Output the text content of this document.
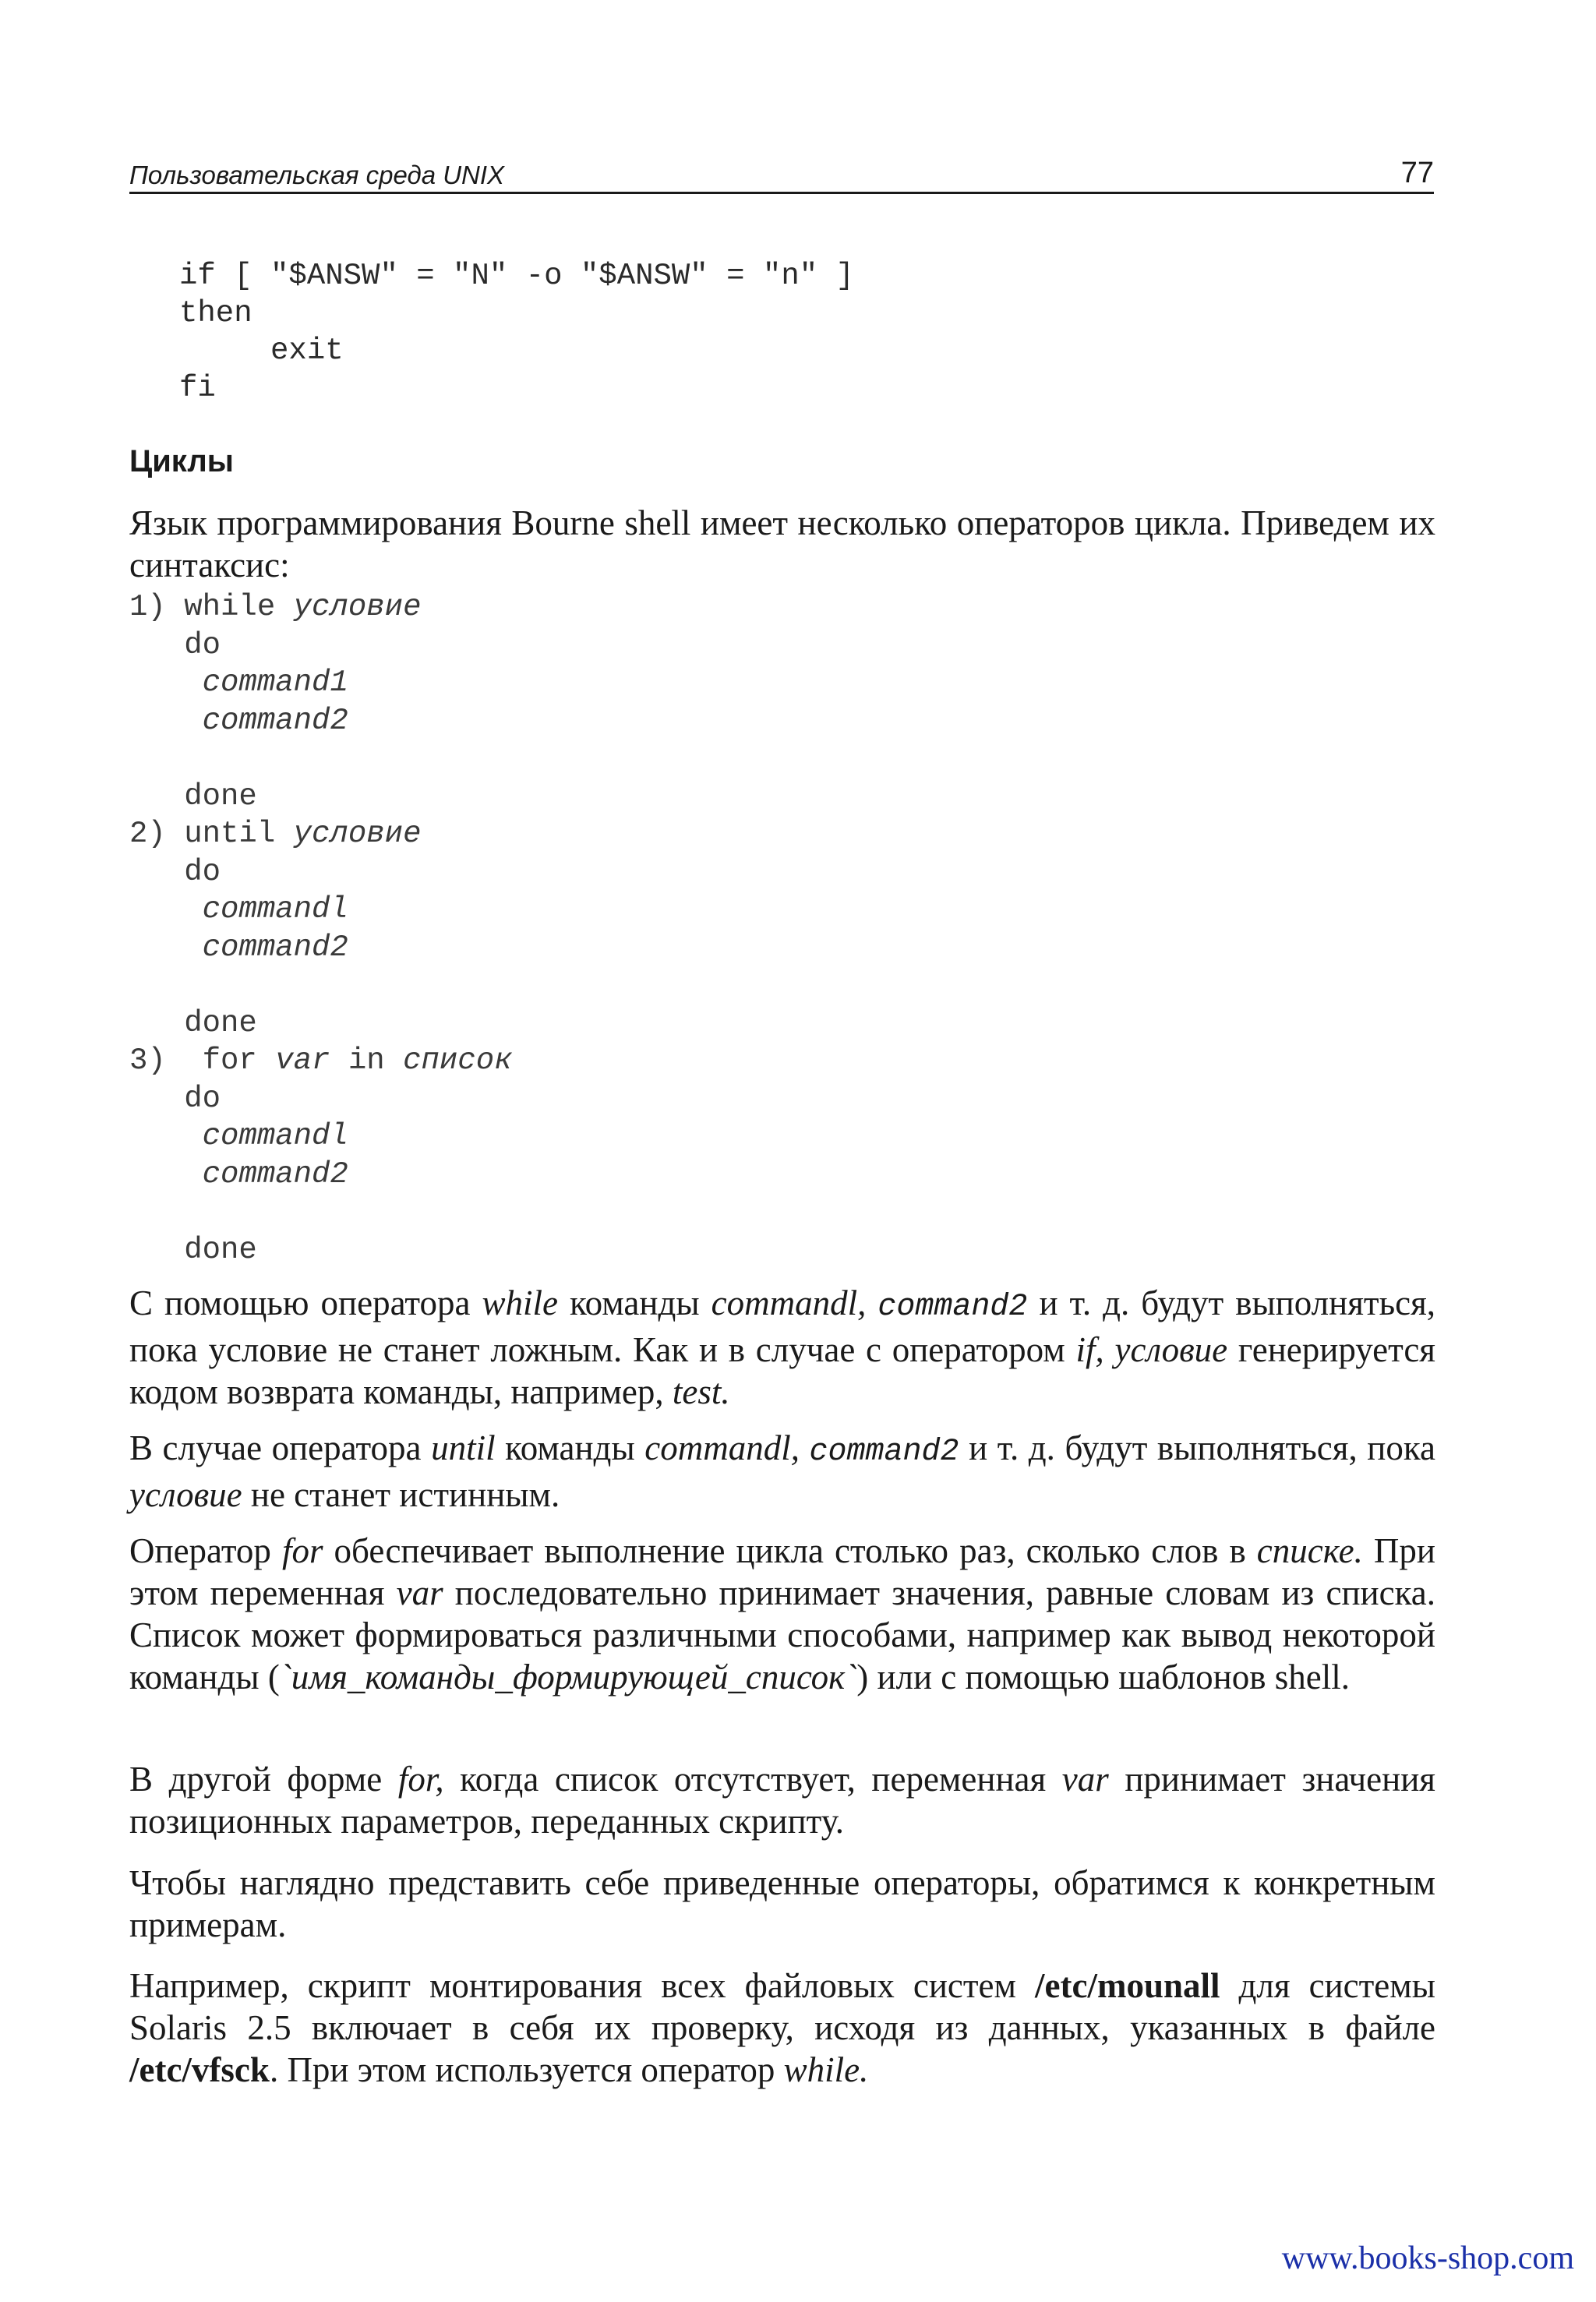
Пользовательская среда UNIX	77
if [ "$ANSW" = "N" -o "$ANSW" = "n" ]
then
exit
fi
Циклы

Язык программирования Bourne shell имеет несколько операторов цикла. Приведем их синтаксис:

1) while условие
do
command1
command2

done
2) until условие
do
commandl
command2

done
3) for var in список
do
commandl
command2

done

С помощью оператора while команды commandl, command2 и т. д. будут выполняться, пока условие не станет ложным. Как и в случае с оператором if, условие генерируется кодом возврата команды, например, test.

В случае оператора until команды commandl, command2 и т. д. будут выполняться, пока условие не станет истинным.

Оператор for обеспечивает выполнение цикла столько раз, сколько слов в списке. При этом переменная var последовательно принимает значения, равные словам из списка. Список может формироваться различными способами, например как вывод некоторой команды (`имя_команды_формирующей_список`) или с помощью шаблонов shell.

В другой форме for, когда список отсутствует, переменная var принимает значения позиционных параметров, переданных скрипту.

Чтобы наглядно представить себе приведенные операторы, обратимся к конкретным примерам.

Например, скрипт монтирования всех файловых систем /etc/mounall для системы Solaris 2.5 включает в себя их проверку, исходя из данных, указанных в файле /etc/vfsck. При этом используется оператор while.

www.books-shop.com
